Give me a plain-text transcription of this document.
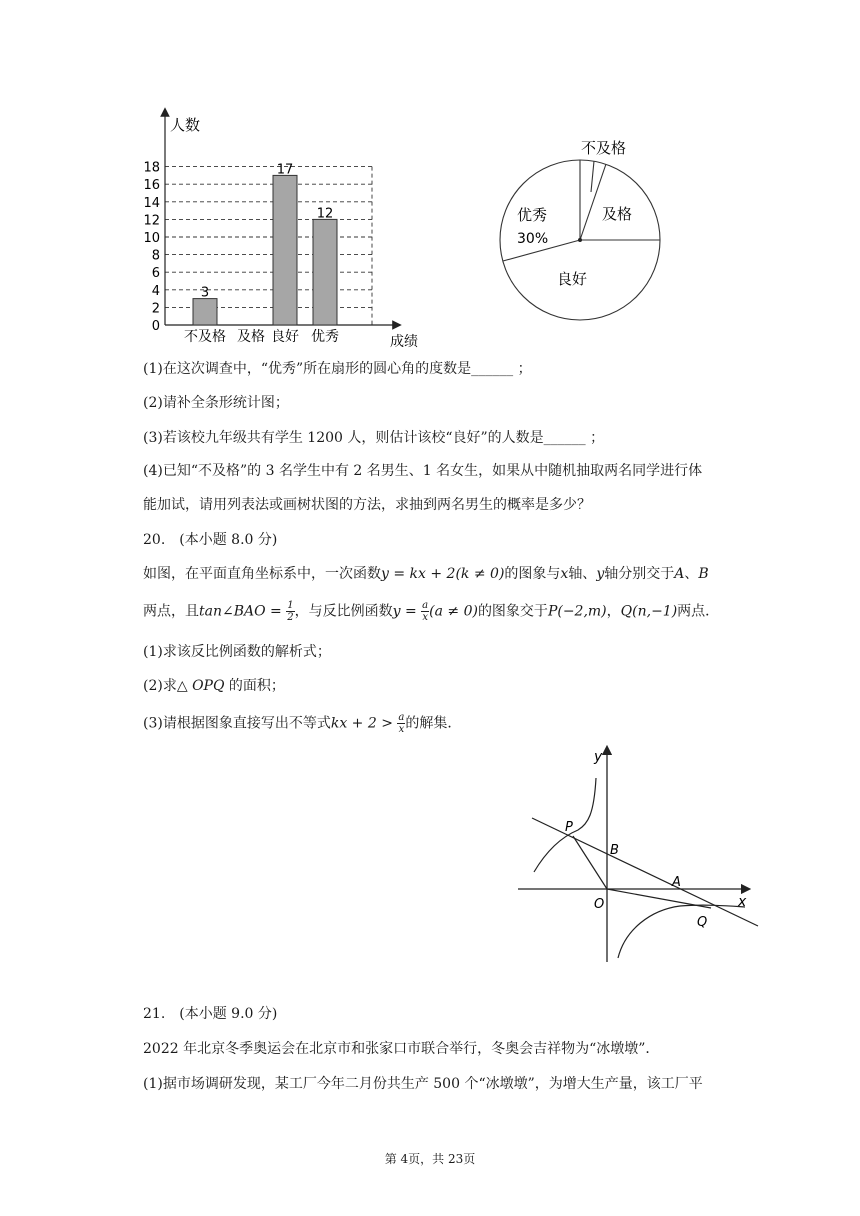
人数
成绩
0
2
4
6
8
10
12
14
16
18
3
17
12
不及格 及格 良好 优秀
不及格
及格
优秀
30%
良好
(1)在这次调查中，“优秀”所在扇形的圆心角的度数是______ ；
(2)请补全条形统计图；
(3)若该校九年级共有学生 1200 人，则估计该校“良好”的人数是______ ；
(4)已知“不及格”的 3 名学生中有 2 名男生、1 名女生，如果从中随机抽取两名同学进行体
能加试，请用列表法或画树状图的方法，求抽到两名男生的概率是多少？
20.　(本小题 8.0 分)
如图，在平面直角坐标系中，一次函数y = kx + 2(k ≠ 0)的图象与x轴、y轴分别交于A、B
两点，且tan∠BAO = $\frac{1}{2}$ ，与反比例函数$y = \frac{a}{x} (a \ne 0)$的图象交于P(−2,m)，Q(n,−1)两点．
(1)求该反比例函数的解析式；
(2)求△ OPQ 的面积；
(3)请根据图象直接写出不等式kx + $2 > \frac{a}{x}$ 的解集．
y
x
P
B
A
O
Q
21.　(本小题 9.0 分)
2022 年北京冬季奥运会在北京市和张家口市联合举行，冬奥会吉祥物为“冰墩墩”．
(1)据市场调研发现，某工厂今年二月份共生产 500 个“冰墩墩”，为增大生产量，该工厂平
第 4页，共 23页
